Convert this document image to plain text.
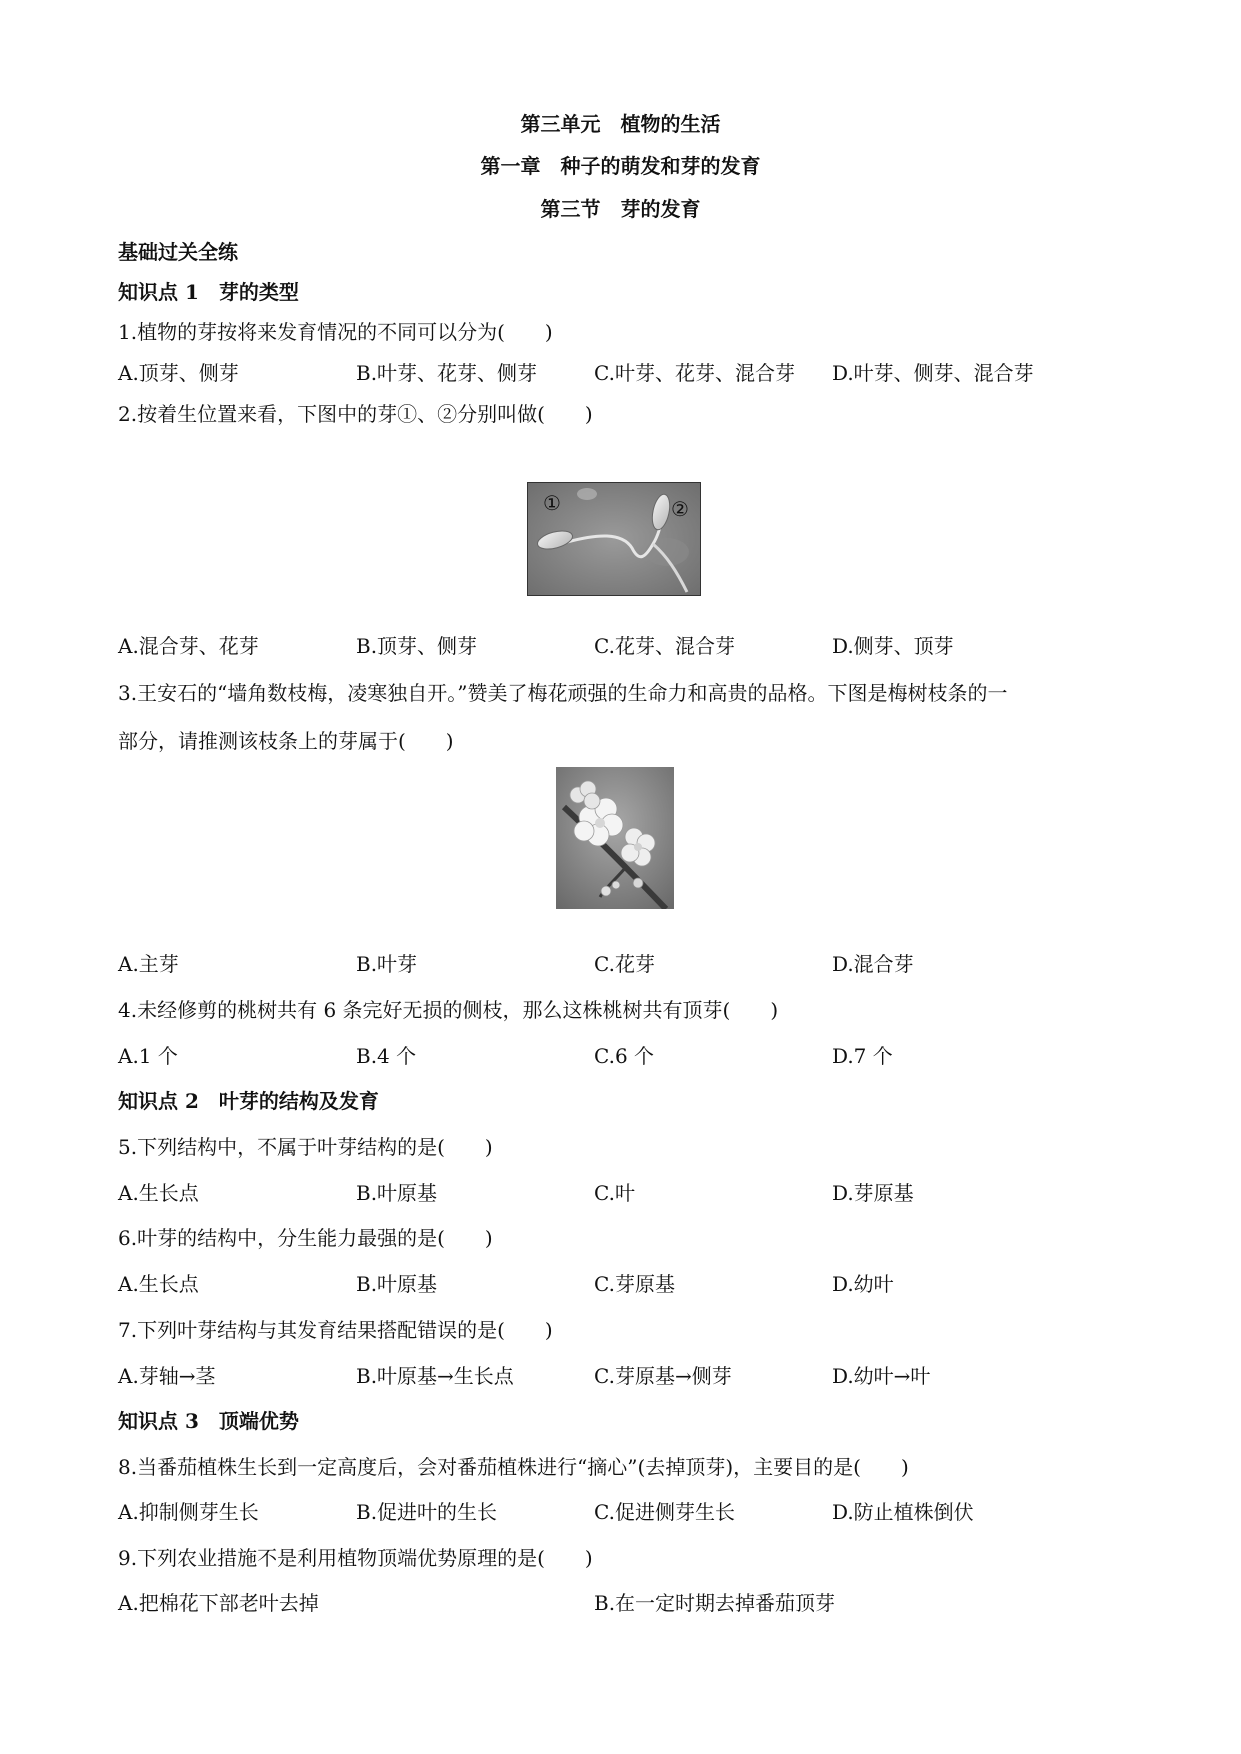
第三单元　植物的生活
第一章　种子的萌发和芽的发育
第三节　芽的发育
基础过关全练
知识点 1　芽的类型
1.植物的芽按将来发育情况的不同可以分为(　　)
A.顶芽、侧芽	B.叶芽、花芽、侧芽	C.叶芽、花芽、混合芽 D.叶芽、侧芽、混合芽
2.按着生位置来看，下图中的芽①、②分别叫做(　　)
①	②
A.混合芽、花芽	B.顶芽、侧芽	C.花芽、混合芽	D.侧芽、顶芽
3.王安石的“墙角数枝梅，凌寒独自开。”赞美了梅花顽强的生命力和高贵的品格。下图是梅树枝条的一
部分，请推测该枝条上的芽属于(　　)
A.主芽	B.叶芽	C.花芽	D.混合芽
4.未经修剪的桃树共有 6 条完好无损的侧枝，那么这株桃树共有顶芽(　　)
A.1 个	B.4 个	C.6 个	D.7 个
知识点 2　叶芽的结构及发育
5.下列结构中，不属于叶芽结构的是(　　)
A.生长点	B.叶原基	C.叶	D.芽原基
6.叶芽的结构中，分生能力最强的是(　　)
A.生长点	B.叶原基	C.芽原基	D.幼叶
7.下列叶芽结构与其发育结果搭配错误的是(　　)
A.芽轴→茎	B.叶原基→生长点	C.芽原基→侧芽	D.幼叶→叶
知识点 3　顶端优势
8.当番茄植株生长到一定高度后，会对番茄植株进行“摘心”(去掉顶芽)，主要目的是(　　)
A.抑制侧芽生长	B.促进叶的生长	C.促进侧芽生长	D.防止植株倒伏
9.下列农业措施不是利用植物顶端优势原理的是(　　)
A.把棉花下部老叶去掉	B.在一定时期去掉番茄顶芽
